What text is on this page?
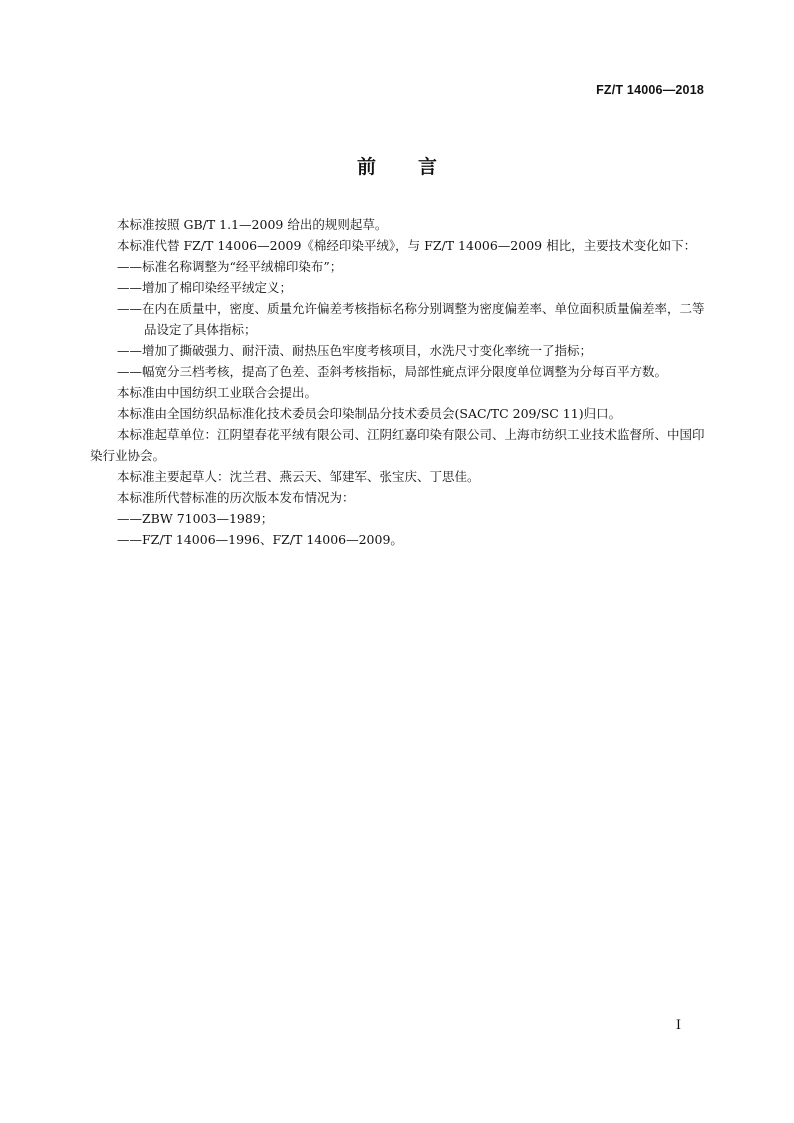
FZ/T 14006—2018
前言
本标准按照 GB/T 1.1—2009 给出的规则起草。
本标准代替 FZ/T 14006—2009《棉经印染平绒》，与 FZ/T 14006—2009 相比，主要技术变化如下：
——标准名称调整为“经平绒棉印染布”；
——增加了棉印染经平绒定义；
——在内在质量中，密度、质量允许偏差考核指标名称分别调整为密度偏差率、单位面积质量偏差率，二等品设定了具体指标；
——增加了撕破强力、耐汗渍、耐热压色牢度考核项目，水洗尺寸变化率统一了指标；
——幅宽分三档考核，提高了色差、歪斜考核指标，局部性疵点评分限度单位调整为分每百平方数。
本标准由中国纺织工业联合会提出。
本标准由全国纺织品标准化技术委员会印染制品分技术委员会(SAC/TC 209/SC 11)归口。
本标准起草单位：江阴望春花平绒有限公司、江阴红嘉印染有限公司、上海市纺织工业技术监督所、中国印染行业协会。
本标准主要起草人：沈兰君、燕云天、邹建军、张宝庆、丁思佳。
本标准所代替标准的历次版本发布情况为：
——ZBW 71003—1989；
——FZ/T 14006—1996、FZ/T 14006—2009。
I
